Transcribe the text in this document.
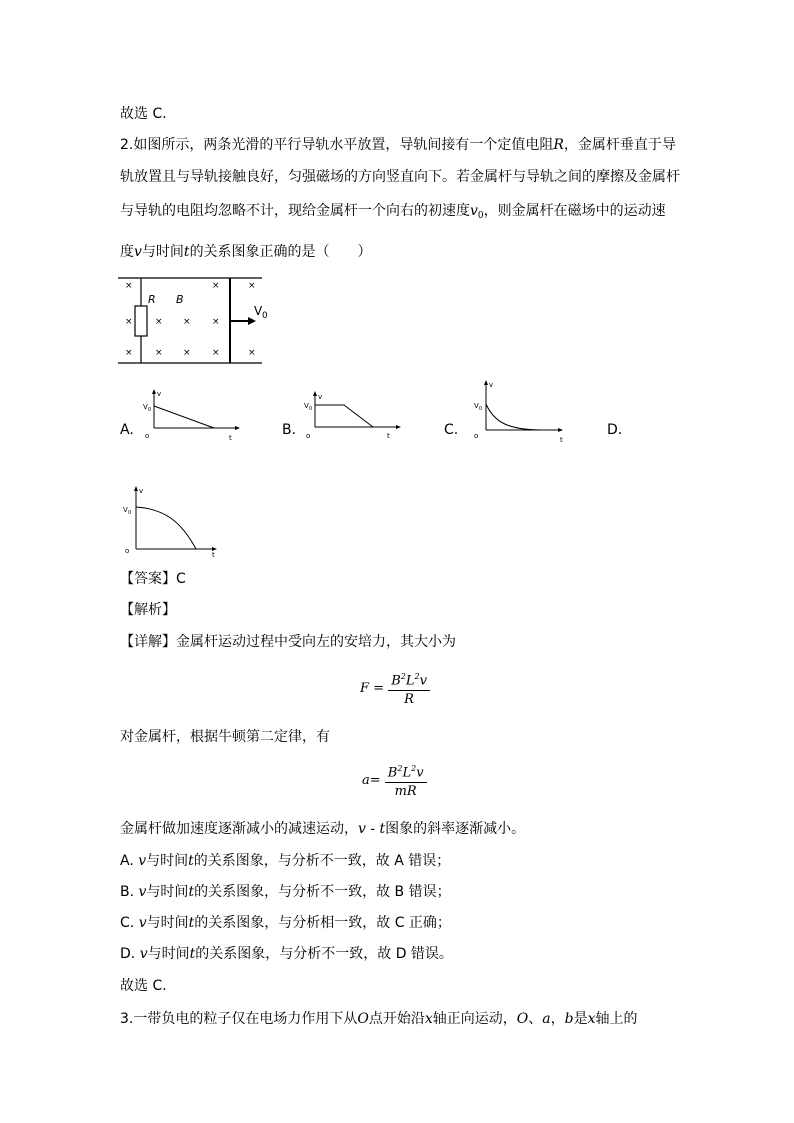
故选 C.
2.如图所示，两条光滑的平行导轨水平放置，导轨间接有一个定值电阻R，金属杆垂直于导
轨放置且与导轨接触良好，匀强磁场的方向竖直向下。若金属杆与导轨之间的摩擦及金属杆
与导轨的电阻均忽略不计，现给金属杆一个向右的初速度$v_0$，则金属杆在磁场中的运动速
度v与时间t的关系图象正确的是（　　）
R B
V 0
×
×
×
×
×
×
×
×
×
×
×
×
A.	B.	C.	D.
v
V 0
o	t
v
V 0
o	t
v
V 0
o	t
v
V 0
o	t
【答案】C
【解析】
【详解】金属杆运动过程中受向左的安培力，其大小为
$F = \frac{B^2L^2v}{R}$
对金属杆，根据牛顿第二定律，有
$a= \frac{B^2L^2v}{mR}$
金属杆做加速度逐渐减小的减速运动，v - t图象的斜率逐渐减小。
A. v与时间t的关系图象，与分析不一致，故 A 错误；
B. v与时间t的关系图象，与分析不一致，故 B 错误；
C. v与时间t的关系图象，与分析相一致，故 C 正确；
D. v与时间t的关系图象，与分析不一致，故 D 错误。
故选 C.
3.一带负电的粒子仅在电场力作用下从O点开始沿x轴正向运动，O、a，b是x轴上的
